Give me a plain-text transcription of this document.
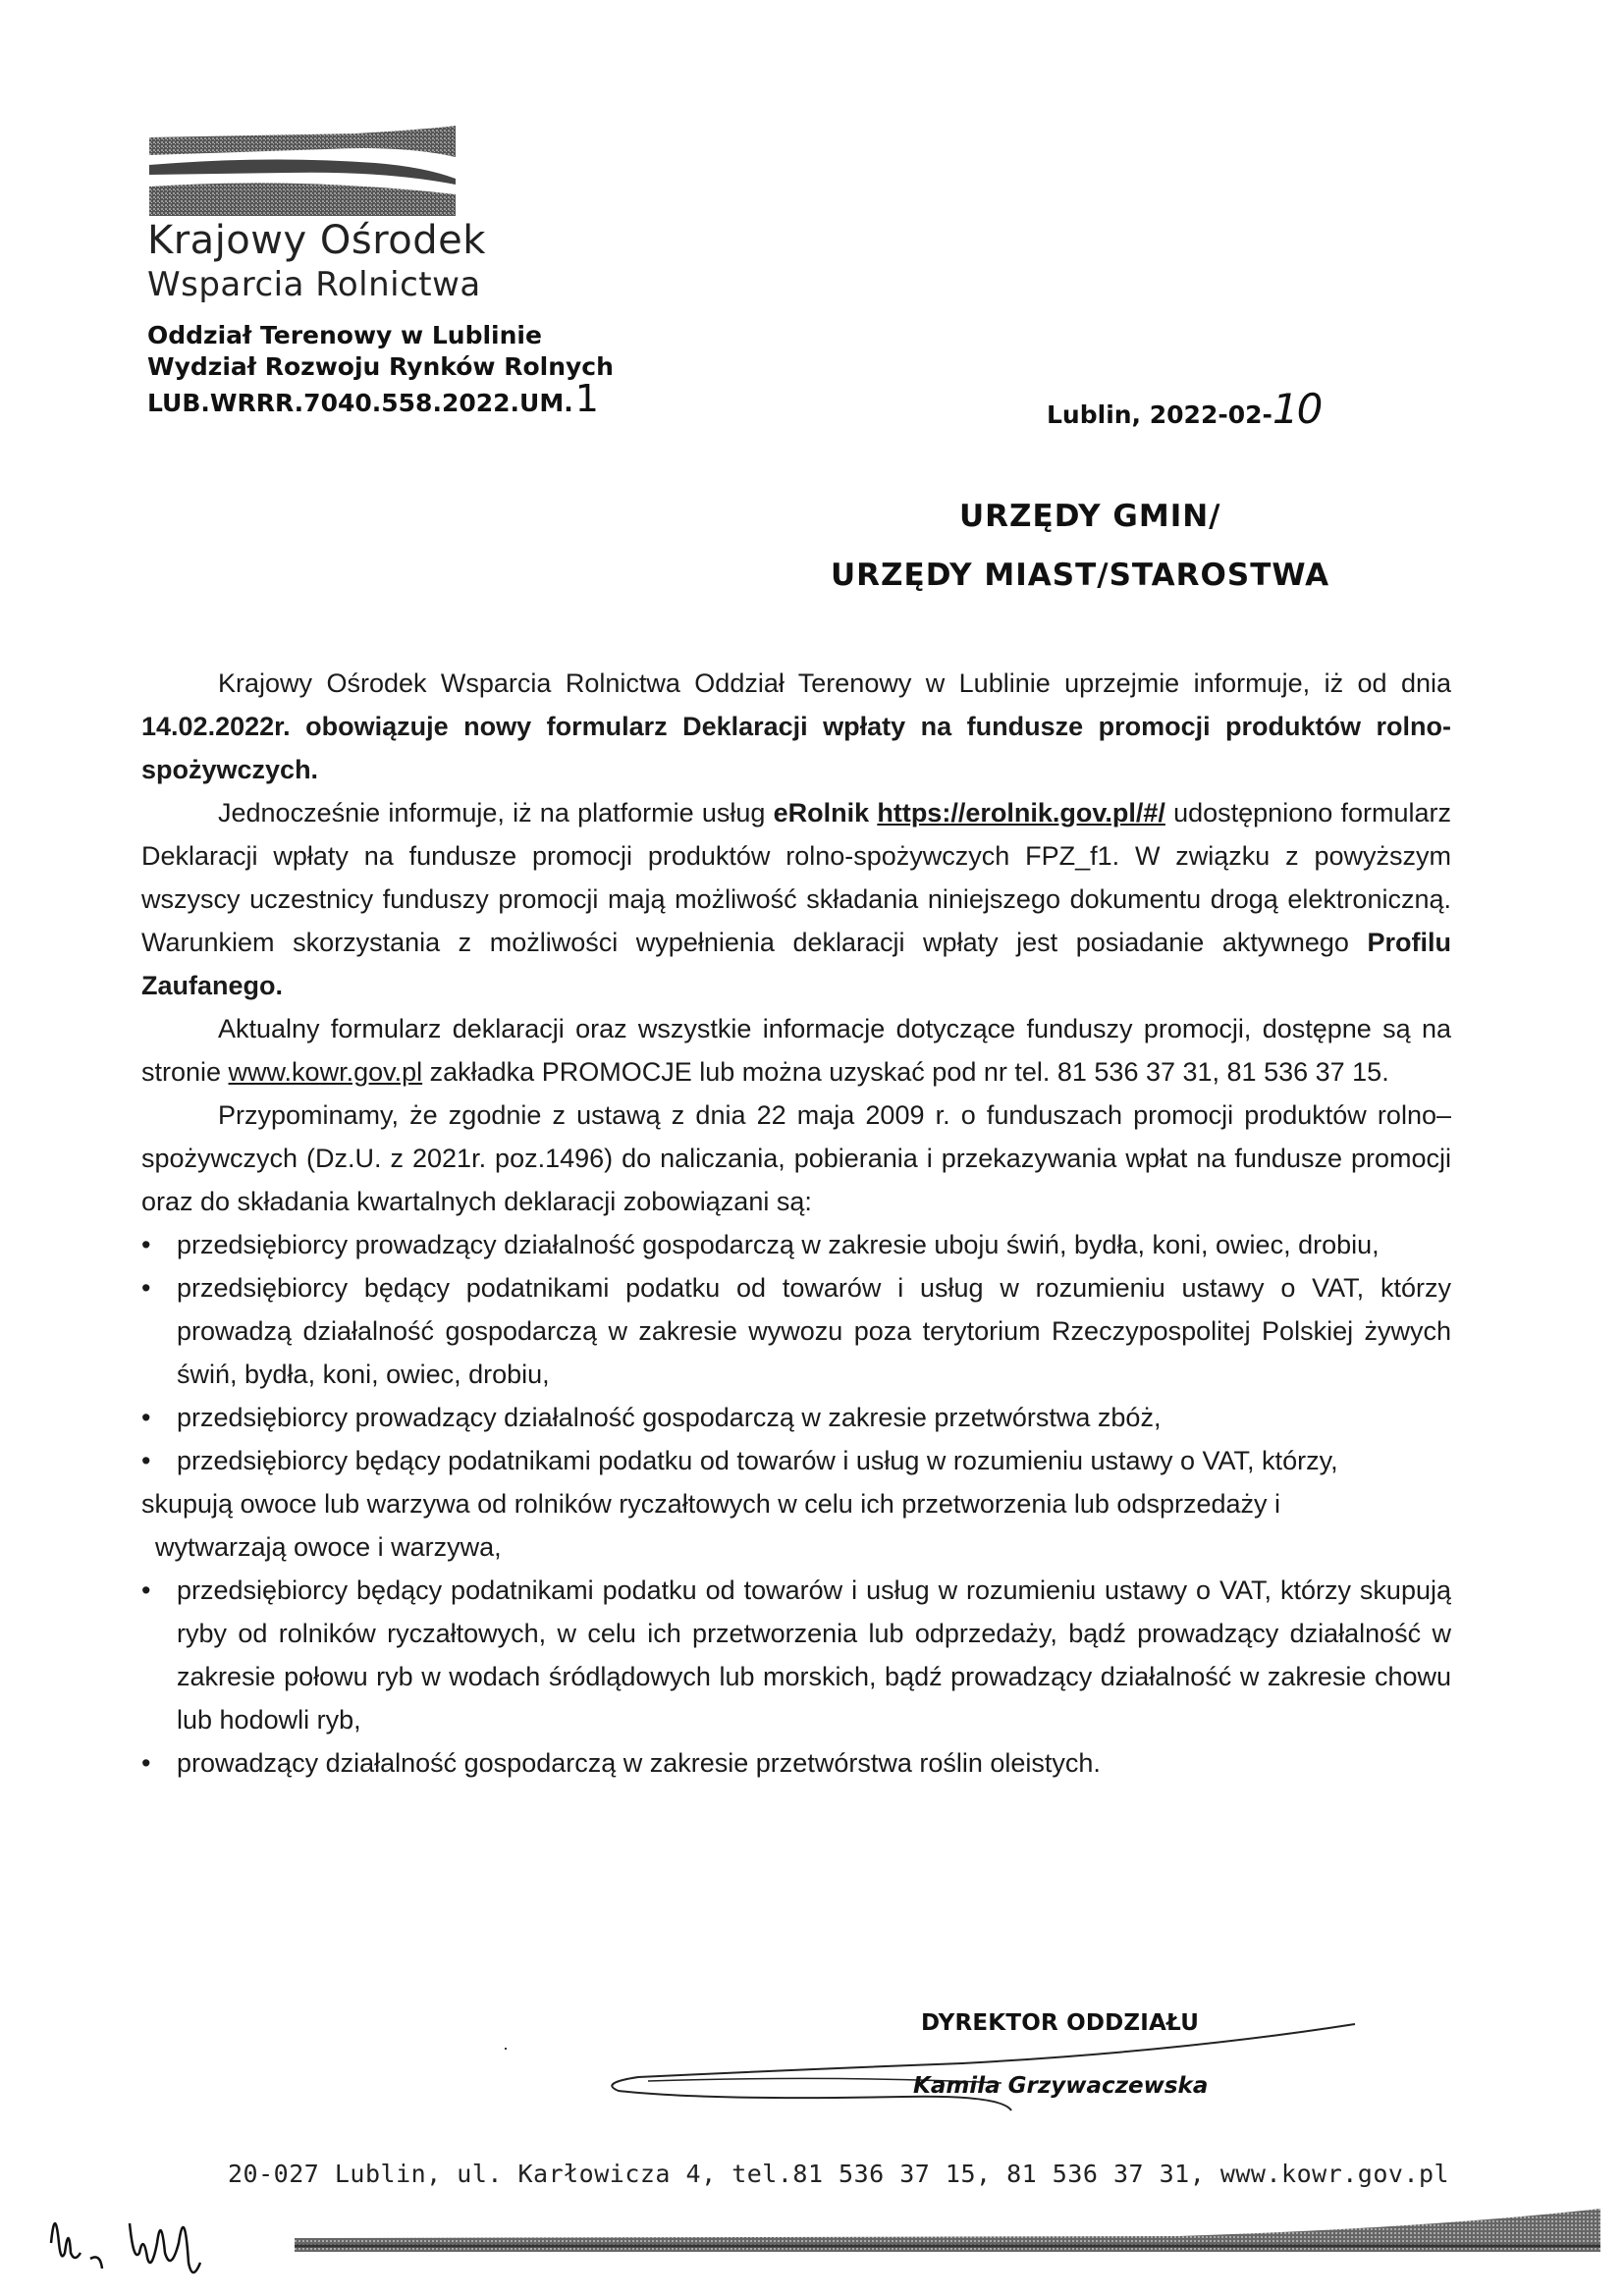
Krajowy Ośrodek
Wsparcia Rolnictwa
Oddział Terenowy w Lublinie
Wydział Rozwoju Rynków Rolnych
LUB.WRRR.7040.558.2022.UM.1	Lublin, 2022-02-10
URZĘDY GMIN/
URZĘDY MIAST/STAROSTWA

Krajowy Ośrodek Wsparcia Rolnictwa Oddział Terenowy w Lublinie uprzejmie informuje, iż od dnia 14.02.2022r. obowiązuje nowy formularz Deklaracji wpłaty na fundusze promocji produktów rolno-spożywczych.

Jednocześnie informuje, iż na platformie usług eRolnik https://erolnik.gov.pl/#/ udostępniono formularz Deklaracji wpłaty na fundusze promocji produktów rolno-spożywczych FPZ_f1. W związku z powyższym wszyscy uczestnicy funduszy promocji mają możliwość składania niniejszego dokumentu drogą elektroniczną. Warunkiem skorzystania z możliwości wypełnienia deklaracji wpłaty jest posiadanie aktywnego Profilu Zaufanego.

Aktualny formularz deklaracji oraz wszystkie informacje dotyczące funduszy promocji, dostępne są na stronie www.kowr.gov.pl zakładka PROMOCJE lub można uzyskać pod nr tel. 81 536 37 31, 81 536 37 15.

Przypominamy, że zgodnie z ustawą z dnia 22 maja 2009 r. o funduszach promocji produktów rolno–spożywczych (Dz.U. z 2021r. poz.1496) do naliczania, pobierania i przekazywania wpłat na fundusze promocji oraz do składania kwartalnych deklaracji zobowiązani są:

• przedsiębiorcy prowadzący działalność gospodarczą w zakresie uboju świń, bydła, koni, owiec, drobiu,
• przedsiębiorcy będący podatnikami podatku od towarów i usług w rozumieniu ustawy o VAT, którzy prowadzą działalność gospodarczą w zakresie wywozu poza terytorium Rzeczypospolitej Polskiej żywych świń, bydła, koni, owiec, drobiu,
• przedsiębiorcy prowadzący działalność gospodarczą w zakresie przetwórstwa zbóż,
• przedsiębiorcy będący podatnikami podatku od towarów i usług w rozumieniu ustawy o VAT, którzy,

skupują owoce lub warzywa od rolników ryczałtowych w celu ich przetworzenia lub odsprzedaży i

wytwarzają owoce i warzywa,

• przedsiębiorcy będący podatnikami podatku od towarów i usług w rozumieniu ustawy o VAT, którzy skupują ryby od rolników ryczałtowych, w celu ich przetworzenia lub odprzedaży, bądź prowadzący działalność w zakresie połowu ryb w wodach śródlądowych lub morskich, bądź prowadzący działalność w zakresie chowu lub hodowli ryb,
• prowadzący działalność gospodarczą w zakresie przetwórstwa roślin oleistych.
·
DYREKTOR ODDZIAŁU
Kamila Grzywaczewska
20-027 Lublin, ul. Karłowicza 4, tel.81 536 37 15, 81 536 37 31, www.kowr.gov.pl
